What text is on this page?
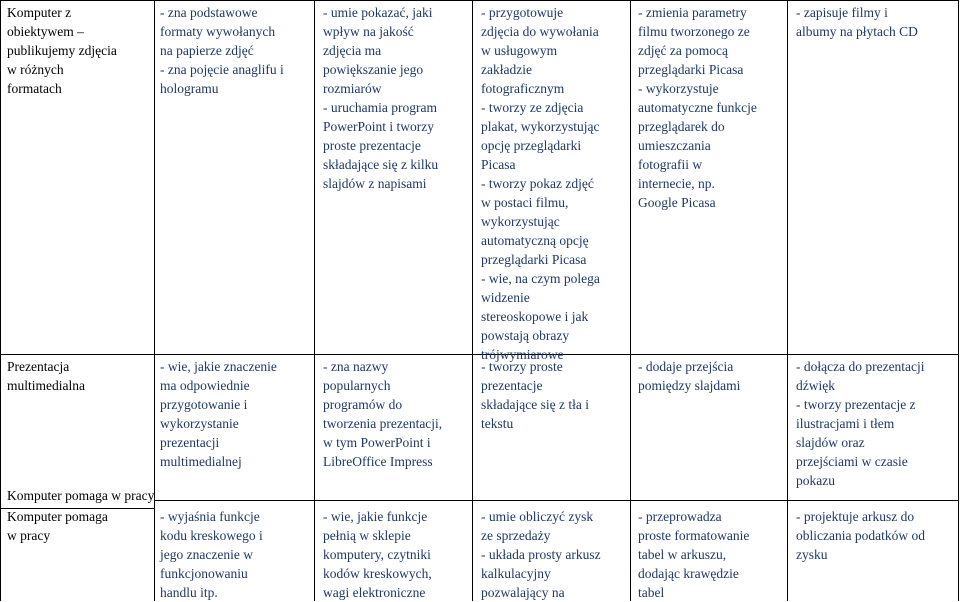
Komputer z
obiektywem –
publikujemy zdjęcia
w różnych
formatach
- zna podstawowe
formaty wywołanych
na papierze zdjęć
- zna pojęcie anaglifu i
hologramu
- umie pokazać, jaki
wpływ na jakość
zdjęcia ma
powiększanie jego
rozmiarów
- uruchamia program
PowerPoint i tworzy
proste prezentacje
składające się z kilku
slajdów z napisami
- przygotowuje
zdjęcia do wywołania
w usługowym
zakładzie
fotograficznym
- tworzy ze zdjęcia
plakat, wykorzystując
opcję przeglądarki
Picasa
- tworzy pokaz zdjęć
w postaci filmu,
wykorzystując
automatyczną opcję
przeglądarki Picasa
- wie, na czym polega
widzenie
stereoskopowe i jak
powstają obrazy
trójwymiarowe
- zmienia parametry
filmu tworzonego ze
zdjęć za pomocą
przeglądarki Picasa
- wykorzystuje
automatyczne funkcje
przeglądarek do
umieszczania
fotografii w
internecie, np.
Google Picasa
- zapisuje filmy i
albumy na płytach CD
Prezentacja
multimedialna
- wie, jakie znaczenie
ma odpowiednie
przygotowanie i
wykorzystanie
prezentacji
multimedialnej
- zna nazwy
popularnych
programów do
tworzenia prezentacji,
w tym PowerPoint i
LibreOffice Impress
- tworzy proste
prezentacje
składające się z tła i
tekstu
- dodaje przejścia
pomiędzy slajdami
- dołącza do prezentacji
dźwięk
- tworzy prezentacje z
ilustracjami i tłem
slajdów oraz
przejściami w czasie
pokazu
Komputer pomaga w pracy
Komputer pomaga
w pracy
- wyjaśnia funkcje
kodu kreskowego i
jego znaczenie w
funkcjonowaniu
handlu itp.
- wie, jakie funkcje
pełnią w sklepie
komputery, czytniki
kodów kreskowych,
wagi elektroniczne
- umie obliczyć zysk
ze sprzedaży
- układa prosty arkusz
kalkulacyjny
pozwalający na
- przeprowadza
proste formatowanie
tabel w arkuszu,
dodając krawędzie
tabel
- projektuje arkusz do
obliczania podatków od
zysku
